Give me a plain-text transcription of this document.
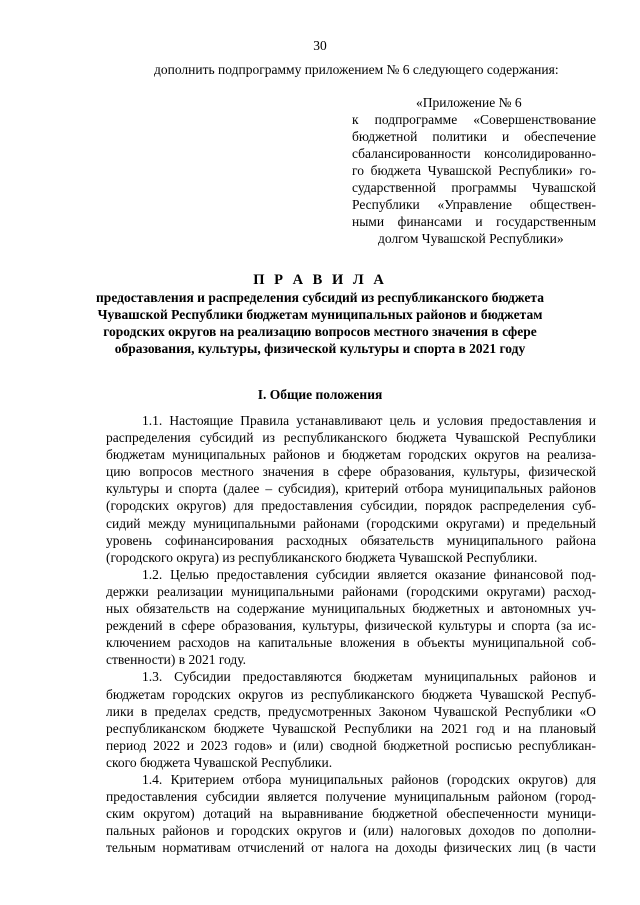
30
дополнить подпрограмму приложением № 6 следующего содержания:
«Приложение № 6
к подпрограмме «Совершенствование
бюджетной политики и обеспечение
сбалансированности консолидированно-
го бюджета Чувашской Республики» го-
сударственной программы Чувашской
Республики «Управление обществен-
ными финансами и государственным
долгом Чувашской Республики»
П Р А В И Л А
предоставления и распределения субсидий из республиканского бюджета
Чувашской Республики бюджетам муниципальных районов и бюджетам
городских округов на реализацию вопросов местного значения в сфере
образования, культуры, физической культуры и спорта в 2021 году
I. Общие положения
1.1. Настоящие Правила устанавливают цель и условия предоставления и
распределения субсидий из республиканского бюджета Чувашской Республики
бюджетам муниципальных районов и бюджетам городских округов на реализа-
цию вопросов местного значения в сфере образования, культуры, физической
культуры и спорта (далее – субсидия), критерий отбора муниципальных районов
(городских округов) для предоставления субсидии, порядок распределения суб-
сидий между муниципальными районами (городскими округами) и предельный
уровень софинансирования расходных обязательств муниципального района
(городского округа) из республиканского бюджета Чувашской Республики.
1.2. Целью предоставления субсидии является оказание финансовой под-
держки реализации муниципальными районами (городскими округами) расход-
ных обязательств на содержание муниципальных бюджетных и автономных уч-
реждений в сфере образования, культуры, физической культуры и спорта (за ис-
ключением расходов на капитальные вложения в объекты муниципальной соб-
ственности) в 2021 году.
1.3. Субсидии предоставляются бюджетам муниципальных районов и
бюджетам городских округов из республиканского бюджета Чувашской Респуб-
лики в пределах средств, предусмотренных Законом Чувашской Республики «О
республиканском бюджете Чувашской Республики на 2021 год и на плановый
период 2022 и 2023 годов» и (или) сводной бюджетной росписью республикан-
ского бюджета Чувашской Республики.
1.4. Критерием отбора муниципальных районов (городских округов) для
предоставления субсидии является получение муниципальным районом (город-
ским округом) дотаций на выравнивание бюджетной обеспеченности муници-
пальных районов и городских округов и (или) налоговых доходов по дополни-
тельным нормативам отчислений от налога на доходы физических лиц (в части
